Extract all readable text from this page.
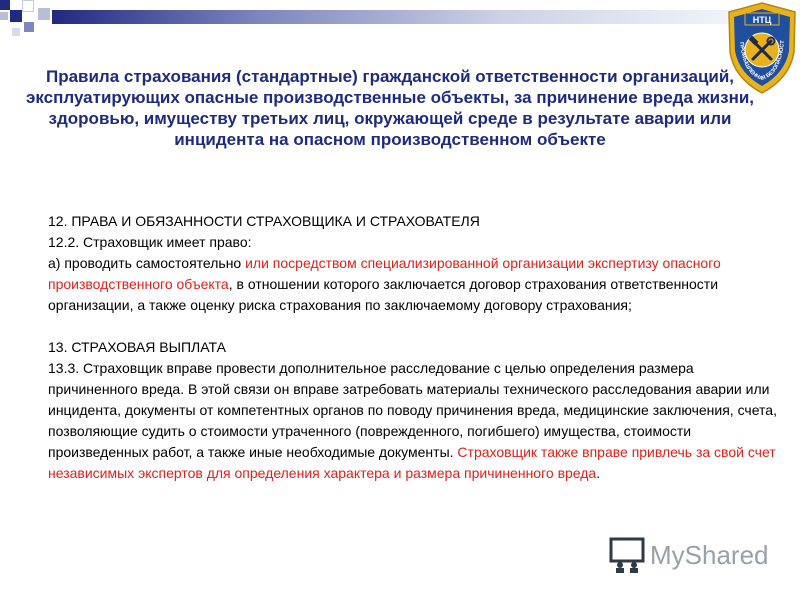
НТЦ
ПРОМЫШЛЕННАЯ БЕЗОПАСНОСТ
Правила страхования (стандартные) гражданской ответственности организаций, эксплуатирующих опасные производственные объекты, за причинение вреда жизни, здоровью, имуществу третьих лиц, окружающей среде в результате аварии или инцидента на опасном производственном объекте

12. ПРАВА И ОБЯЗАННОСТИ СТРАХОВЩИКА И СТРАХОВАТЕЛЯ

12.2. Страховщик имеет право:

а) проводить самостоятельно или посредством специализированной организации экспертизу опасного производственного объекта, в отношении которого заключается договор страхования ответственности организации, а также оценку риска страхования по заключаемому договору страхования;

13. СТРАХОВАЯ ВЫПЛАТА

13.3. Страховщик вправе провести дополнительное расследование с целью определения размера причиненного вреда. В этой связи он вправе затребовать материалы технического расследования аварии или инцидента, документы от компетентных органов по поводу причинения вреда, медицинские заключения, счета, позволяющие судить о стоимости утраченного (поврежденного, погибшего) имущества, стоимости произведенных работ, а также иные необходимые документы. Страховщик также вправе привлечь за свой счет независимых экспертов для определения характера и размера причиненного вреда.

MyShared
